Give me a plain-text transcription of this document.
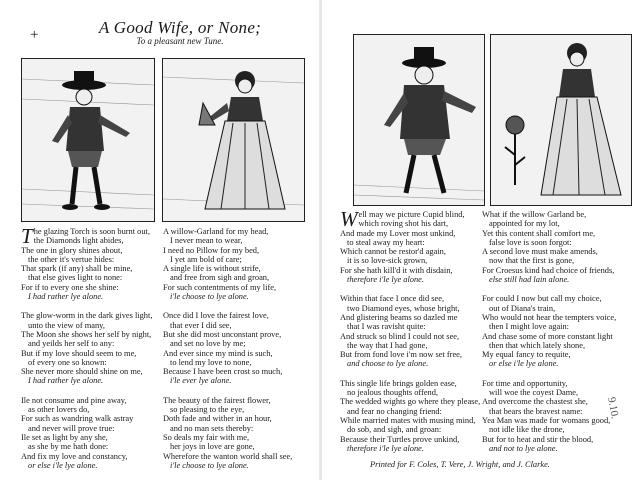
+	A Good Wife, or None;
To a pleasant new Tune.
The glazing Torch is soon burnt out,
the Diamonds light abides,
The one in glory shines about,
the other it's vertue hides:
That spark (if any) shall be mine,
that else gives light to none:
For if to every one she shine:
I had rather lye alone.
The glow-worm in the dark gives light,
unto the view of many,
The Moon she shows her self by night,
and yeilds her self to any:
But if my love should seem to me,
of every one so known:
She never more should shine on me,
I had rather lye alone.
Ile not consume and pine away,
as other lovers do,
For such as wandring walk astray
and never will prove true:
Ile set as light by any she,
as she by me hath done:
And fix my love and constancy,
or else i'le lye alone.
A willow-Garland for my head,
I never mean to wear,
I need no Pillow for my bed,
I yet am bold of care;
A single life is without strife,
and free from sigh and groan,
For such contentments of my life,
i'le choose to lye alone.
Once did I love the fairest love,
that ever I did see,
But she did most unconstant prove,
and set no love by me;
And ever since my mind is such,
to lend my love to none,
Because I have been crost so much,
i'le ever lye alone.
The beauty of the fairest flower,
so pleasing to the eye,
Doth fade and wither in an hour,
and no man sets thereby:
So deals my fair with me,
her joys in love are gone,
Wherefore the wanton world shall see,
i'le choose to lye alone.
Well may we picture Cupid blind,
which roving shot his dart,
And made my Lover most unkind,
to steal away my heart:
Which cannot be restor'd again,
it is so love-sick grown,
For she hath kill'd it with disdain,
therefore i'le lye alone.
Within that face I once did see,
two Diamond eyes, whose bright,
And glistering beams so dazled me
that I was ravisht quite:
And struck so blind I could not see,
the way that I had gone,
But from fond love i'm now set free,
and choose to lye alone.
This single life brings golden ease,
no jealous thoughts offend,
The wedded wights go where they please,
and fear no changing friend:
While married mates with musing mind,
do sob, and sigh, and groan:
Because their Turtles prove unkind,
therefore i'le lye alone.
What if the willow Garland be,
appointed for my lot,
Yet this content shall comfort me,
false love is soon forgot:
A second love must make amends,
now that the first is gone,
For Croesus kind had choice of friends,
else still had lain alone.
For could I now but call my choice,
out of Diana's train,
Who would not hear the tempters voice,
then I might love again:
And chase some of more constant light
then that which lately shone,
My equal fancy to requite,
or else i'le lye alone.
For time and opportunity,
will woe the coyest Dame,
And overcome the chastest she,
that bears the bravest name:
Yea Man was made for womans good,
not idle like the drone,
But for to heat and stir the blood,
and not to lye alone.
Printed for F. Coles, T. Vere, J. Wright, and J. Clarke.
9.10.
